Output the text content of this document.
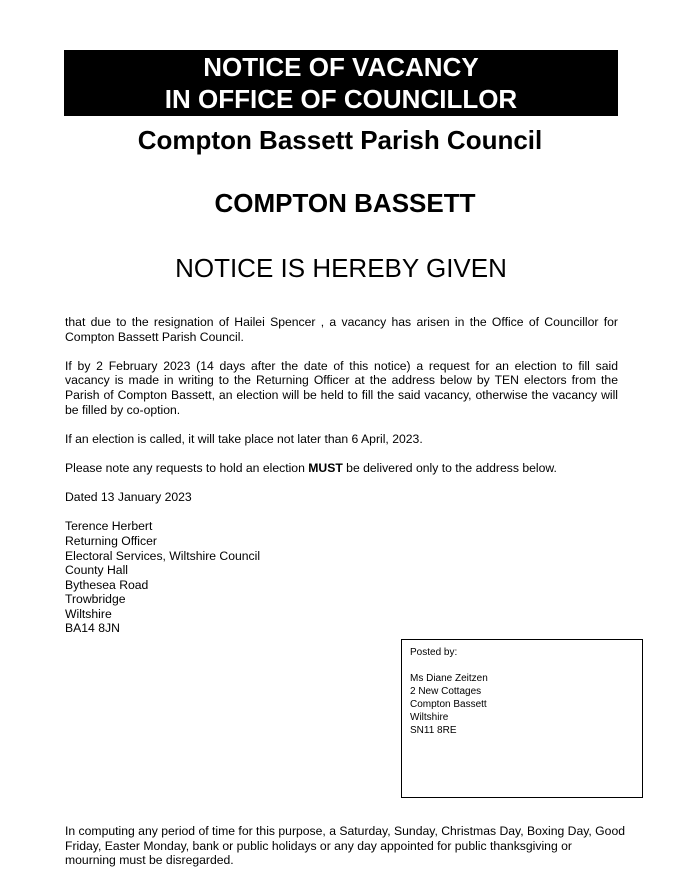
NOTICE OF VACANCY
IN OFFICE OF COUNCILLOR
Compton Bassett Parish Council
COMPTON BASSETT
NOTICE IS HEREBY GIVEN

that due to the resignation of Hailei Spencer , a vacancy has arisen in the Office of Councillor for Compton Bassett Parish Council.

If by 2 February 2023 (14 days after the date of this notice) a request for an election to fill said vacancy is made in writing to the Returning Officer at the address below by TEN electors from the Parish of Compton Bassett, an election will be held to fill the said vacancy, otherwise the vacancy will be filled by co-option.

If an election is called, it will take place not later than 6 April, 2023.

Please note any requests to hold an election MUST be delivered only to the address below.

Dated 13 January 2023

Terence Herbert
Returning Officer
Electoral Services, Wiltshire Council
County Hall
Bythesea Road
Trowbridge
Wiltshire
BA14 8JN
Posted by:
Ms Diane Zeitzen
2 New Cottages
Compton Bassett
Wiltshire
SN11 8RE
In computing any period of time for this purpose, a Saturday, Sunday, Christmas Day, Boxing Day, Good Friday, Easter Monday, bank or public holidays or any day appointed for public thanksgiving or mourning must be disregarded.
